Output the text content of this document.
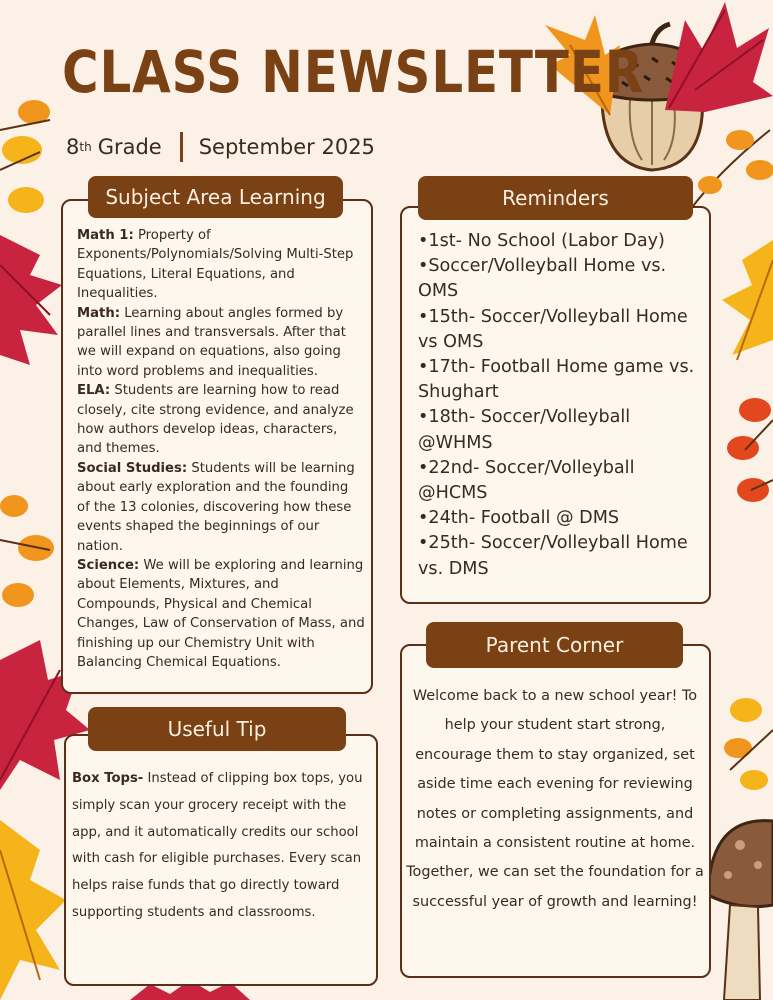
CLASS NEWSLETTER
8 th Grade September 2025
Subject Area Learning

Math 1: Property of Exponents/Polynomials/Solving Multi-Step Equations, Literal Equations, and Inequalities.

Math: Learning about angles formed by parallel lines and transversals. After that we will expand on equations, also going into word problems and inequalities.

ELA: Students are learning how to read closely, cite strong evidence, and analyze how authors develop ideas, characters, and themes.

Social Studies: Students will be learning about early exploration and the founding of the 13 colonies, discovering how these events shaped the beginnings of our nation.

Science: We will be exploring and learning about Elements, Mixtures, and Compounds, Physical and Chemical Changes, Law of Conservation of Mass, and finishing up our Chemistry Unit with Balancing Chemical Equations.

Reminders
•1st- No School (Labor Day)
•Soccer/Volleyball Home vs. OMS
•15th- Soccer/Volleyball Home vs OMS
•17th- Football Home game vs. Shughart
•18th- Soccer/Volleyball @WHMS
•22nd- Soccer/Volleyball @HCMS
•24th- Football @ DMS
•25th- Soccer/Volleyball Home vs. DMS
Useful Tip

Box Tops- Instead of clipping box tops, you simply scan your grocery receipt with the app, and it automatically credits our school with cash for eligible purchases. Every scan helps raise funds that go directly toward supporting students and classrooms.

Parent Corner

Welcome back to a new school year! To help your student start strong, encourage them to stay organized, set aside time each evening for reviewing notes or completing assignments, and maintain a consistent routine at home. Together, we can set the foundation for a successful year of growth and learning!
